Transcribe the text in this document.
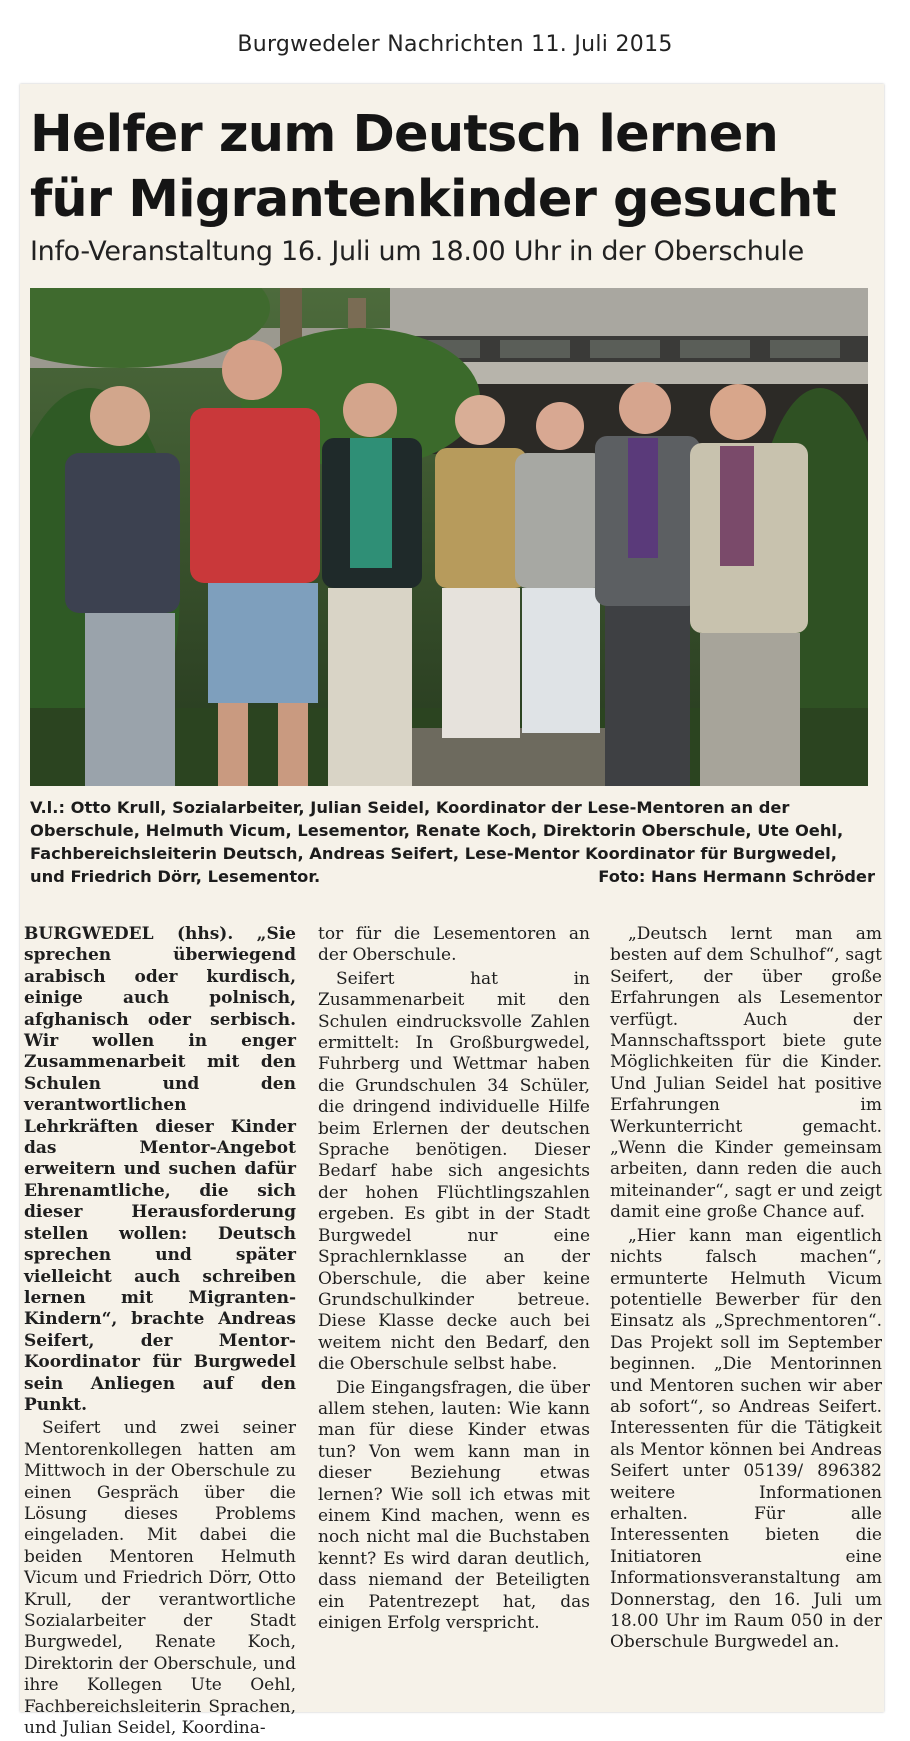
Burgwedeler Nachrichten 11. Juli 2015
Helfer zum Deutsch lernen
für Migrantenkinder gesucht
Info-Veranstaltung 16. Juli um 18.00 Uhr in der Oberschule
V.l.: Otto Krull, Sozialarbeiter, Julian Seidel, Koordinator der Lese-Mentoren an der Oberschule, Helmuth Vicum, Lesementor, Renate Koch, Direktorin Oberschule, Ute Oehl, Fachbereichsleiterin Deutsch, Andreas Seifert, Lese-Mentor Koordinator für Burgwedel, und Friedrich Dörr, Lesementor.	Foto: Hans Hermann Schröder

BURGWEDEL (hhs). „Sie sprechen überwiegend arabisch oder kurdisch, einige auch polnisch, afghanisch oder serbisch. Wir wollen in enger Zusammenarbeit mit den Schulen und den verantwortlichen Lehrkräften dieser Kinder das Mentor-Angebot erweitern und suchen dafür Ehrenamtliche, die sich dieser Herausforderung stellen wollen: Deutsch sprechen und später vielleicht auch schreiben lernen mit Migranten-Kindern“, brachte Andreas Seifert, der Mentor-Koordinator für Burgwedel sein Anliegen auf den Punkt.

Seifert und zwei seiner Mentorenkollegen hatten am Mittwoch in der Oberschule zu einen Gespräch über die Lösung dieses Problems eingeladen. Mit dabei die beiden Mentoren Helmuth Vicum und Friedrich Dörr, Otto Krull, der verantwortliche Sozialarbeiter der Stadt Burgwedel, Renate Koch, Direktorin der Oberschule, und ihre Kollegen Ute Oehl, Fachbereichsleiterin Sprachen, und Julian Seidel, Koordina-

tor für die Lesementoren an der Oberschule.

Seifert hat in Zusammenarbeit mit den Schulen eindrucksvolle Zahlen ermittelt: In Großburgwedel, Fuhrberg und Wettmar haben die Grundschulen 34 Schüler, die dringend individuelle Hilfe beim Erlernen der deutschen Sprache benötigen. Dieser Bedarf habe sich angesichts der hohen Flüchtlingszahlen ergeben. Es gibt in der Stadt Burgwedel nur eine Sprachlernklasse an der Oberschule, die aber keine Grundschulkinder betreue. Diese Klasse decke auch bei weitem nicht den Bedarf, den die Oberschule selbst habe.

Die Eingangsfragen, die über allem stehen, lauten: Wie kann man für diese Kinder etwas tun? Von wem kann man in dieser Beziehung etwas lernen? Wie soll ich etwas mit einem Kind machen, wenn es noch nicht mal die Buchstaben kennt? Es wird daran deutlich, dass niemand der Beteiligten ein Patentrezept hat, das einigen Erfolg verspricht.

„Deutsch lernt man am besten auf dem Schulhof“, sagt Seifert, der über große Erfahrungen als Lesementor verfügt. Auch der Mannschaftssport biete gute Möglichkeiten für die Kinder. Und Julian Seidel hat positive Erfahrungen im Werkunterricht gemacht. „Wenn die Kinder gemeinsam arbeiten, dann reden die auch miteinander“, sagt er und zeigt damit eine große Chance auf.

„Hier kann man eigentlich nichts falsch machen“, ermunterte Helmuth Vicum potentielle Bewerber für den Einsatz als „Sprechmentoren“. Das Projekt soll im September beginnen. „Die Mentorinnen und Mentoren suchen wir aber ab sofort“, so Andreas Seifert. Interessenten für die Tätigkeit als Mentor können bei Andreas Seifert unter 05139/ 896382 weitere Informationen erhalten. Für alle Interessenten bieten die Initiatoren eine Informationsveranstaltung am Donnerstag, den 16. Juli um 18.00 Uhr im Raum 050 in der Oberschule Burgwedel an.
